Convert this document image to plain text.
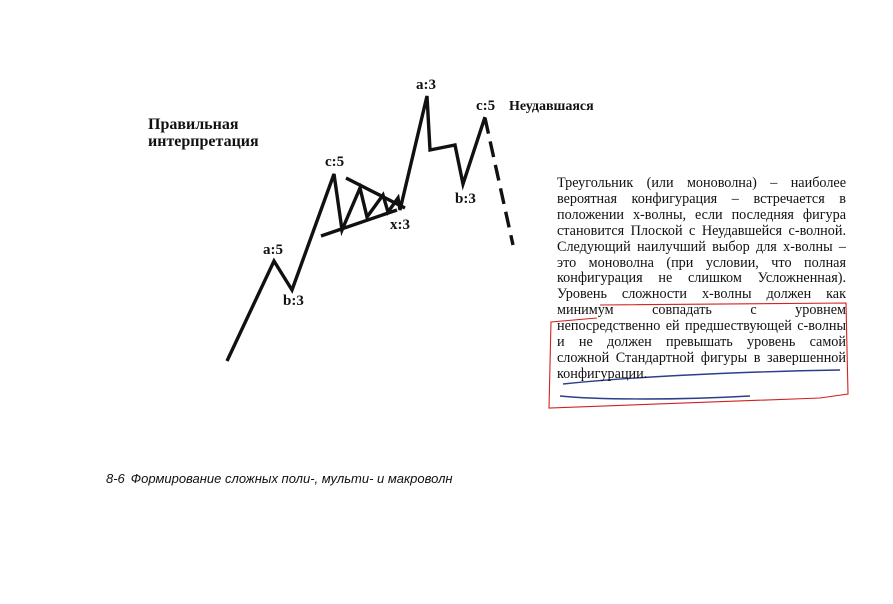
a:5
b:3
c:5
x:3
a:3
b:3
c:5 Неудавшаяся
Правильная
интерпретация
Треугольник (или моноволна) – наиболее вероятная конфигурация – встречается в положении x-волны, если последняя фигура становится Плоской с Неудавшейся c-волной. Следующий наилучший выбор для x-волны – это моноволна (при условии, что полная конфигурация не слишком Усложненная). Уровень сложности x-волны должен как минимум совпадать с уровнем непосредственно ей предшествующей c-волны и не должен превышать уровень самой сложной Стандартной фигуры в завершенной конфигурации.
8-6 Формирование сложных поли-, мульти- и макроволн
